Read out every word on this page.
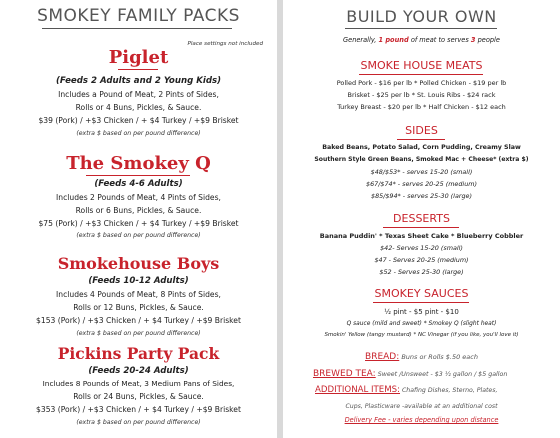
SMOKEY FAMILY PACKS
Place settings not included
Piglet
(Feeds 2 Adults and 2 Young Kids)
Includes a Pound of Meat, 2 Pints of Sides,
Rolls or 4 Buns, Pickles, & Sauce.
$39 (Pork) / +$3 Chicken / + $4 Turkey / +$9 Brisket
(extra $ based on per pound difference)
The Smokey Q
(Feeds 4-6 Adults)
Includes 2 Pounds of Meat, 4 Pints of Sides,
Rolls or 6 Buns, Pickles, & Sauce.
$75 (Pork) / +$3 Chicken / + $4 Turkey / +$9 Brisket
(extra $ based on per pound difference)
Smokehouse Boys
(Feeds 10-12 Adults)
Includes 4 Pounds of Meat, 8 Pints of Sides,
Rolls or 12 Buns, Pickles, & Sauce.
$153 (Pork) / +$3 Chicken / + $4 Turkey / +$9 Brisket
(extra $ based on per pound difference)
Pickins Party Pack
(Feeds 20-24 Adults)
Includes 8 Pounds of Meat, 3 Medium Pans of Sides,
Rolls or 24 Buns, Pickles, & Sauce.
$353 (Pork) / +$3 Chicken / + $4 Turkey / +$9 Brisket
(extra $ based on per pound difference)
BUILD YOUR OWN
Generally, 1 pound of meat to serves 3 people
SMOKE HOUSE MEATS
Polled Pork - $16 per lb * Polled Chicken - $19 per lb
Brisket - $25 per lb * St. Louis Ribs - $24 rack
Turkey Breast - $20 per lb * Half Chicken - $12 each
SIDES
Baked Beans, Potato Salad, Corn Pudding, Creamy Slaw
Southern Style Green Beans, Smoked Mac + Cheese* (extra $)
$48/$53* - serves 15-20 (small)
$67/$74* - serves 20-25 (medium)
$85/$94* - serves 25-30 (large)
DESSERTS
Banana Puddin' * Texas Sheet Cake * Blueberry Cobbler
$42- Serves 15-20 (small)
$47 - Serves 20-25 (medium)
$52 - Serves 25-30 (large)
SMOKEY SAUCES
½ pint - $5 pint - $10
Q sauce (mild and sweet) * Smokey Q (slight heat)
Smokin' Yellow (tangy mustard) * NC Vinegar (if you like, you'll love it)
BREAD: Buns or Rolls $.50 each
BREWED TEA: Sweet /Unsweet - $3 ½ gallon / $5 gallon
ADDITIONAL ITEMS: Chafing Dishes, Sterno, Plates,
Cups, Plasticware -available at an additional cost
Delivery Fee - varies depending upon distance
